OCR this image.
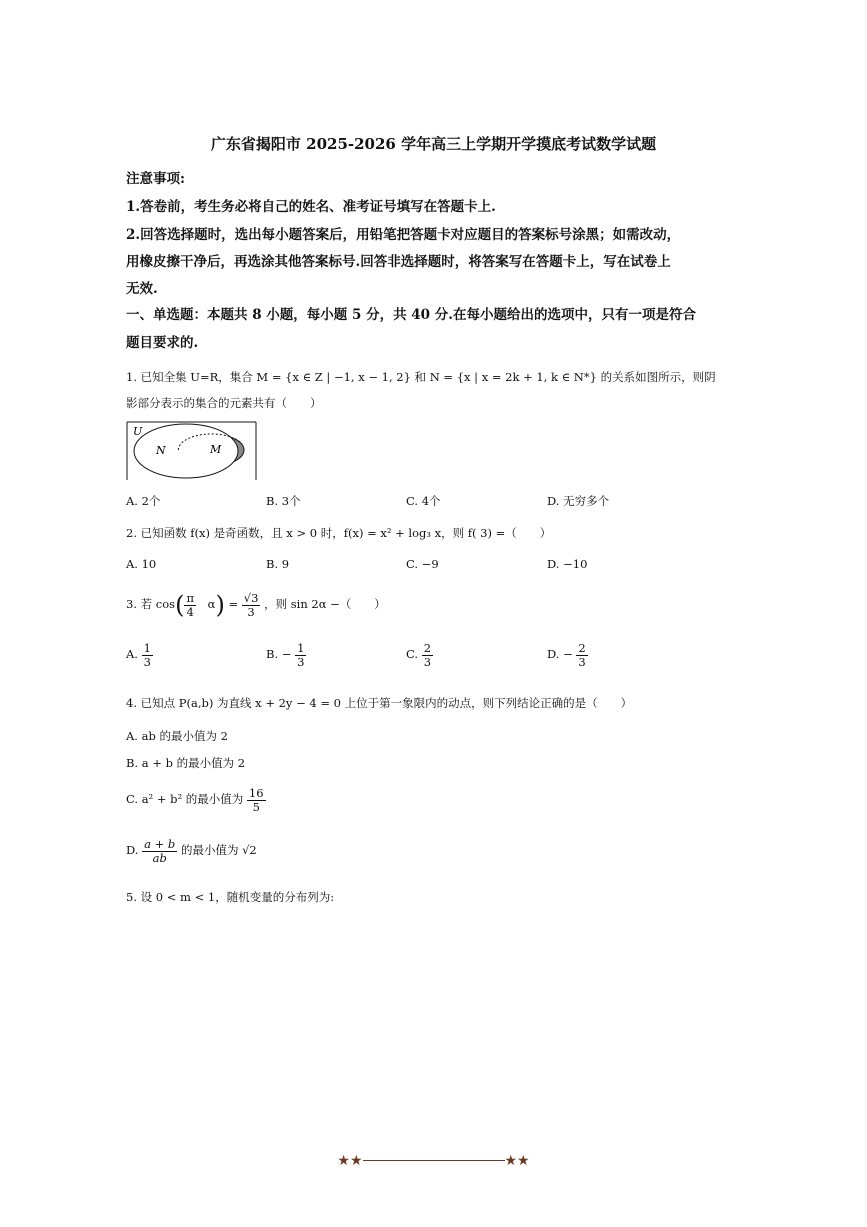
广东省揭阳市 2025-2026 学年高三上学期开学摸底考试数学试题
注意事项:
1.答卷前，考生务必将自己的姓名、准考证号填写在答题卡上.
2.回答选择题时，选出每小题答案后，用铅笔把答题卡对应题目的答案标号涂黑；如需改动，
用橡皮擦干净后，再选涂其他答案标号.回答非选择题时，将答案写在答题卡上，写在试卷上
无效.
一、单选题：本题共 8 小题，每小题 5 分，共 40 分.在每小题给出的选项中，只有一项是符合
题目要求的.
1. 已知全集 U=R，集合 M = {x ∈ Z | −1, x − 1, 2} 和 N = {x | x = 2k + 1, k ∈ N*} 的关系如图所示，则阴
影部分表示的集合的元素共有（　　）
U
N	M
A. 2个	B. 3个	C. 4个	D. 无穷多个
2. 已知函数 f(x) 是奇函数，且 x > 0 时，f(x) = x² + log₃ x，则 f( 3) =（　　）
A. 10	B. 9	C. −9	D. −10
3. 若 $\cos( \frac{\pi}{4} \alpha) = \frac{√3}{3}$ ，则 sin 2α −（　　）
A. $\frac{1}{3}$	B. − $\frac{1}{3}$	C. $\frac{2}{3}$	D. − $\frac{2}{3}$
4. 已知点 P(a,b) 为直线 x + 2y − 4 = 0 上位于第一象限内的动点，则下列结论正确的是（　　）
A. ab 的最小值为 2
B. a + b 的最小值为 2
C. a² + b² 的最小值为 $\frac{16}{5}$
D. $\frac{a + b}{ab}$ 的最小值为 √2
5. 设 0 < m < 1，随机变量的分布列为:
★★	★★
